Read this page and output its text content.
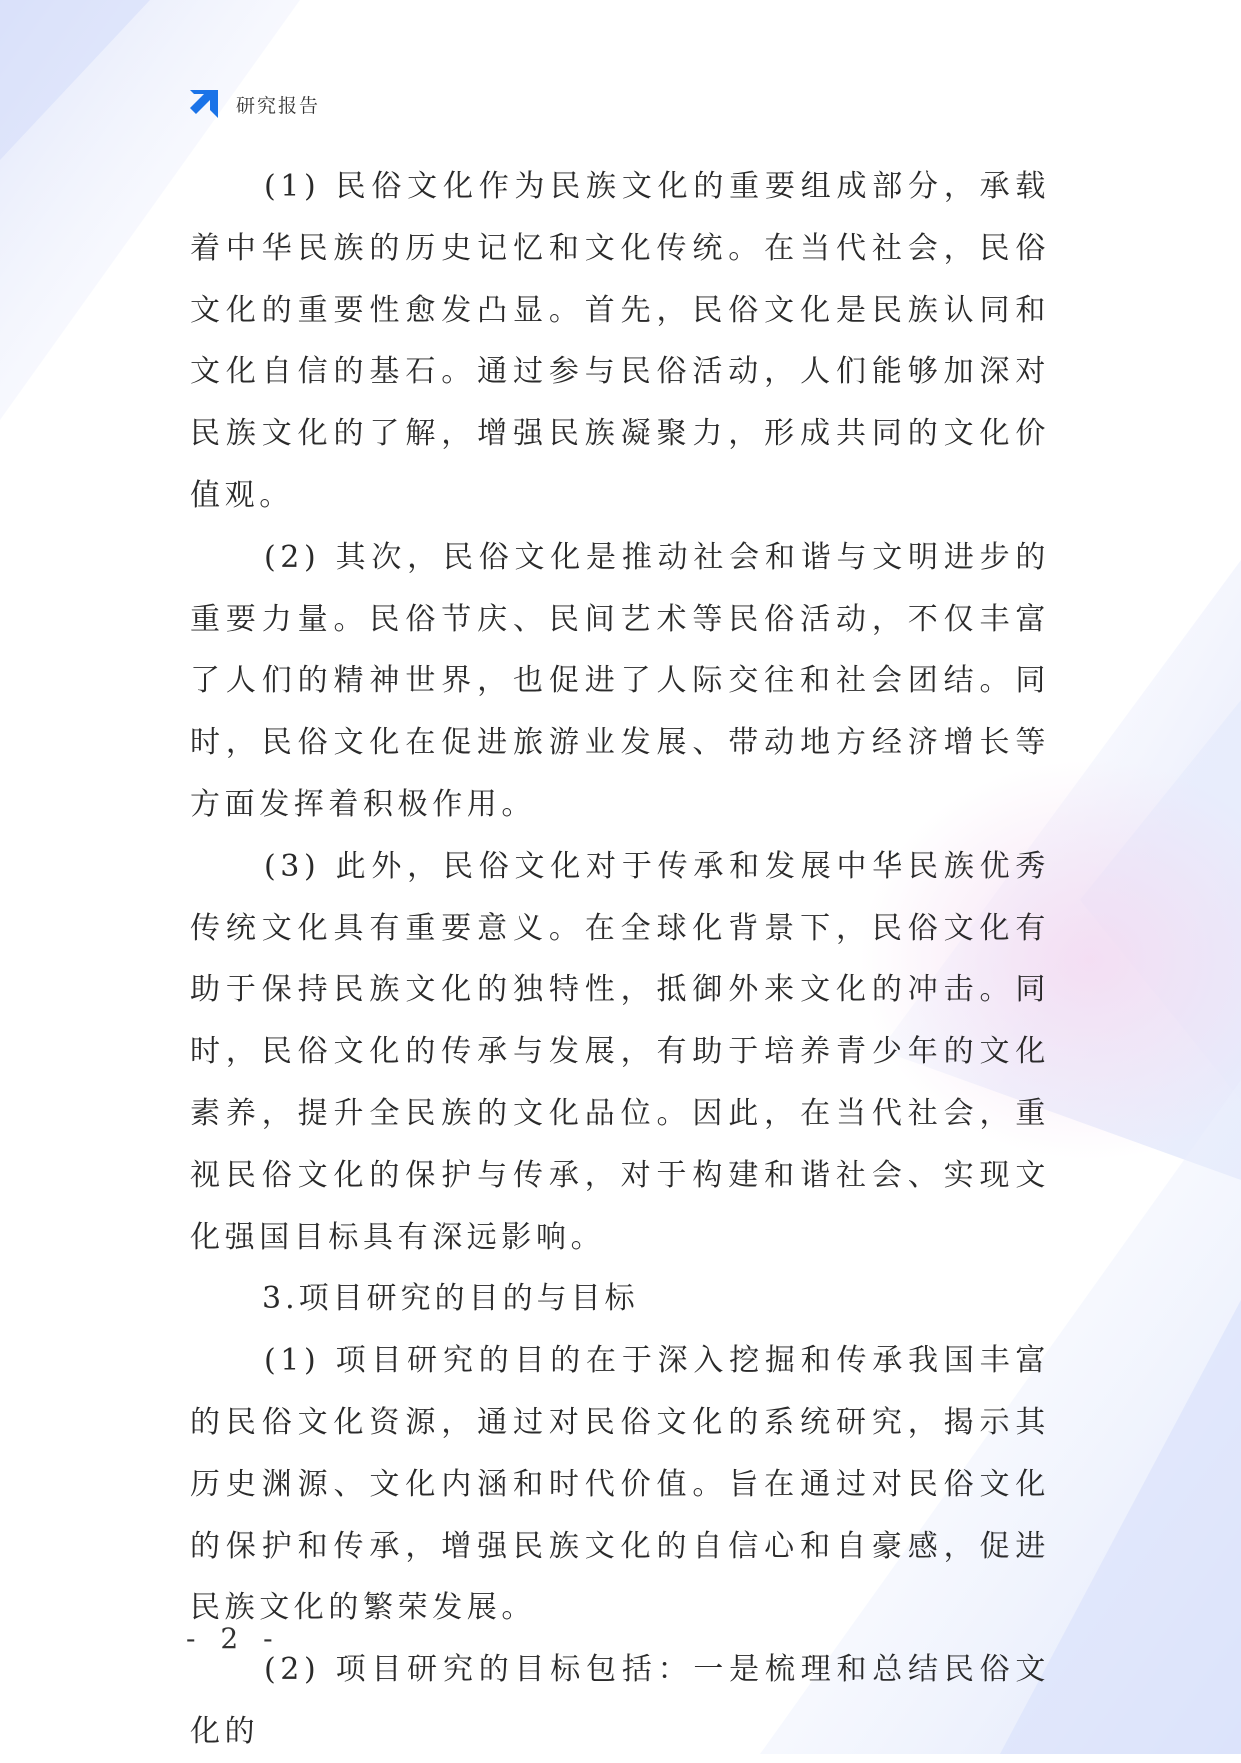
研究报告

(1) 民俗文化作为民族文化的重要组成部分，承载着中华民族的历史记忆和文化传统。在当代社会，民俗文化的重要性愈发凸显。首先，民俗文化是民族认同和文化自信的基石。通过参与民俗活动，人们能够加深对民族文化的了解，增强民族凝聚力，形成共同的文化价值观。

(2) 其次，民俗文化是推动社会和谐与文明进步的重要力量。民俗节庆、民间艺术等民俗活动，不仅丰富了人们的精神世界，也促进了人际交往和社会团结。同时，民俗文化在促进旅游业发展、带动地方经济增长等方面发挥着积极作用。

(3) 此外，民俗文化对于传承和发展中华民族优秀传统文化具有重要意义。在全球化背景下，民俗文化有助于保持民族文化的独特性，抵御外来文化的冲击。同时，民俗文化的传承与发展，有助于培养青少年的文化素养，提升全民族的文化品位。因此，在当代社会，重视民俗文化的保护与传承，对于构建和谐社会、实现文化强国目标具有深远影响。

3.项目研究的目的与目标

(1) 项目研究的目的在于深入挖掘和传承我国丰富的民俗文化资源，通过对民俗文化的系统研究，揭示其历史渊源、文化内涵和时代价值。旨在通过对民俗文化的保护和传承，增强民族文化的自信心和自豪感，促进民族文化的繁荣发展。

(2) 项目研究的目标包括：一是梳理和总结民俗文化的

- 2 -
